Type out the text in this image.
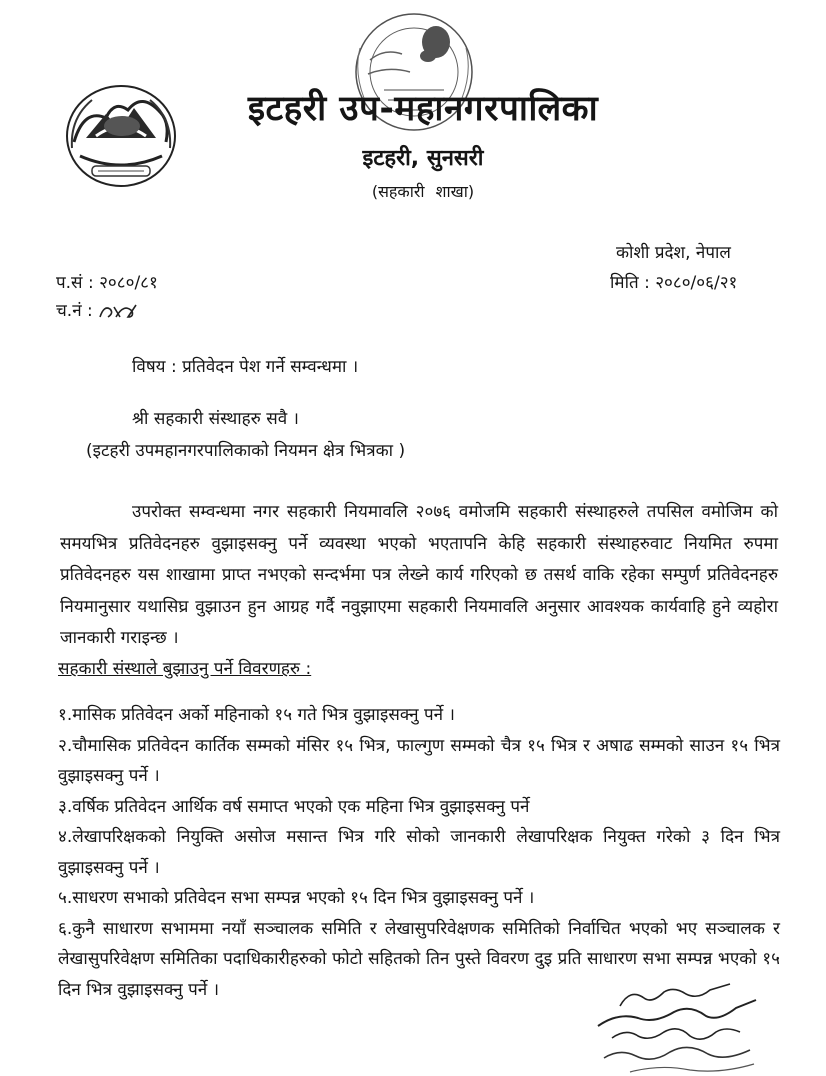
इटहरी उप-महानगरपालिका
इटहरी, सुनसरी
(सहकारी शाखा)
कोशी प्रदेश, नेपाल
प.सं : २०८०/८१	मिति : २०८०/०६/२१
च.नं :
विषय : प्रतिवेदन पेश गर्ने सम्वन्धमा ।
श्री सहकारी संस्थाहरु सवै ।
(इटहरी उपमहानगरपालिकाको नियमन क्षेत्र भित्रका )
उपरोक्त सम्वन्धमा नगर सहकारी नियमावलि २०७६ वमोजमि सहकारी संस्थाहरुले तपसिल वमोजिम को समयभित्र प्रतिवेदनहरु वुझाइसक्नु पर्ने व्यवस्था भएको भएतापनि केहि सहकारी संस्थाहरुवाट नियमित रुपमा प्रतिवेदनहरु यस शाखामा प्राप्त नभएको सन्दर्भमा पत्र लेख्ने कार्य गरिएको छ तसर्थ वाकि रहेका सम्पुर्ण प्रतिवेदनहरु नियमानुसार यथासिघ्र वुझाउन हुन आग्रह गर्दै नवुझाएमा सहकारी नियमावलि अनुसार आवश्यक कार्यवाहि हुने व्यहोरा जानकारी गराइन्छ ।
सहकारी संस्थाले बुझाउनु पर्ने विवरणहरु :
१.मासिक प्रतिवेदन अर्को महिनाको १५ गते भित्र वुझाइसक्नु पर्ने ।
२.चौमासिक प्रतिवेदन कार्तिक सम्मको मंसिर १५ भित्र, फाल्गुण सम्मको चैत्र १५ भित्र र अषाढ सम्मको साउन १५ भित्र वुझाइसक्नु पर्ने ।
३.वर्षिक प्रतिवेदन आर्थिक वर्ष समाप्त भएको एक महिना भित्र वुझाइसक्नु पर्ने
४.लेखापरिक्षकको नियुक्ति असोज मसान्त भित्र गरि सोको जानकारी लेखापरिक्षक नियुक्त गरेको ३ दिन भित्र वुझाइसक्नु पर्ने ।
५.साधरण सभाको प्रतिवेदन सभा सम्पन्न भएको १५ दिन भित्र वुझाइसक्नु पर्ने ।
६.कुनै साधारण सभाममा नयाँ सञ्चालक समिति र लेखासुपरिवेक्षणक समितिको निर्वाचित भएको भए सञ्चालक र लेखासुपरिवेक्षण समितिका पदाधिकारीहरुको फोटो सहितको तिन पुस्ते विवरण दुइ प्रति साधारण सभा सम्पन्न भएको १५ दिन भित्र वुझाइसक्नु पर्ने ।
